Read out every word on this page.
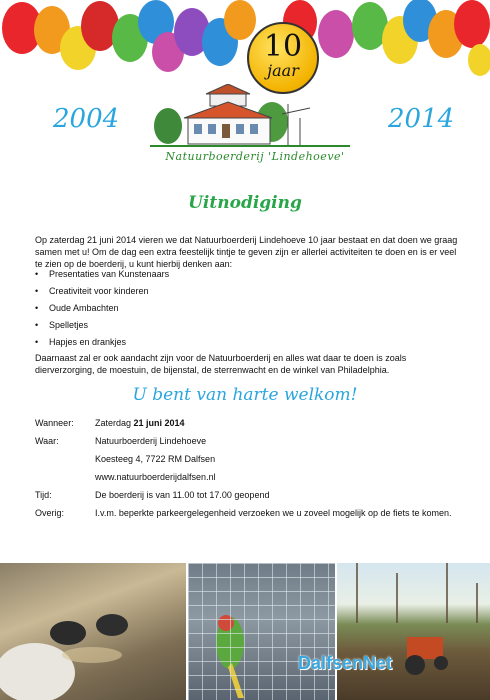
10
jaar
2004	2014
Natuurboerderij 'Lindehoeve'
Uitnodiging

Op zaterdag 21 juni 2014 vieren we dat Natuurboerderij Lindehoeve 10 jaar bestaat en dat doen we graag samen met u! Om de dag een extra feestelijk tintje te geven zijn er allerlei activiteiten te doen en is er veel te zien op de boerderij, u kunt hierbij denken aan:

• Presentaties van Kunstenaars
• Creativiteit voor kinderen
• Oude Ambachten
• Spelletjes
• Hapjes en drankjes

Daarnaast zal er ook aandacht zijn voor de Natuurboerderij en alles wat daar te doen is zoals dierverzorging, de moestuin, de bijenstal, de sterrenwacht en de winkel van Philadelphia.

U bent van harte welkom!
Wanneer:	Zaterdag 21 juni 2014
Waar:	Natuurboerderij Lindehoeve
Koesteeg 4, 7722 RM Dalfsen
www.natuurboerderijdalfsen.nl
Tijd:	De boerderij is van 11.00 tot 17.00 geopend
Overig:	I.v.m. beperkte parkeergelegenheid verzoeken we u zoveel mogelijk op de fiets te komen.
DalfsenNet
